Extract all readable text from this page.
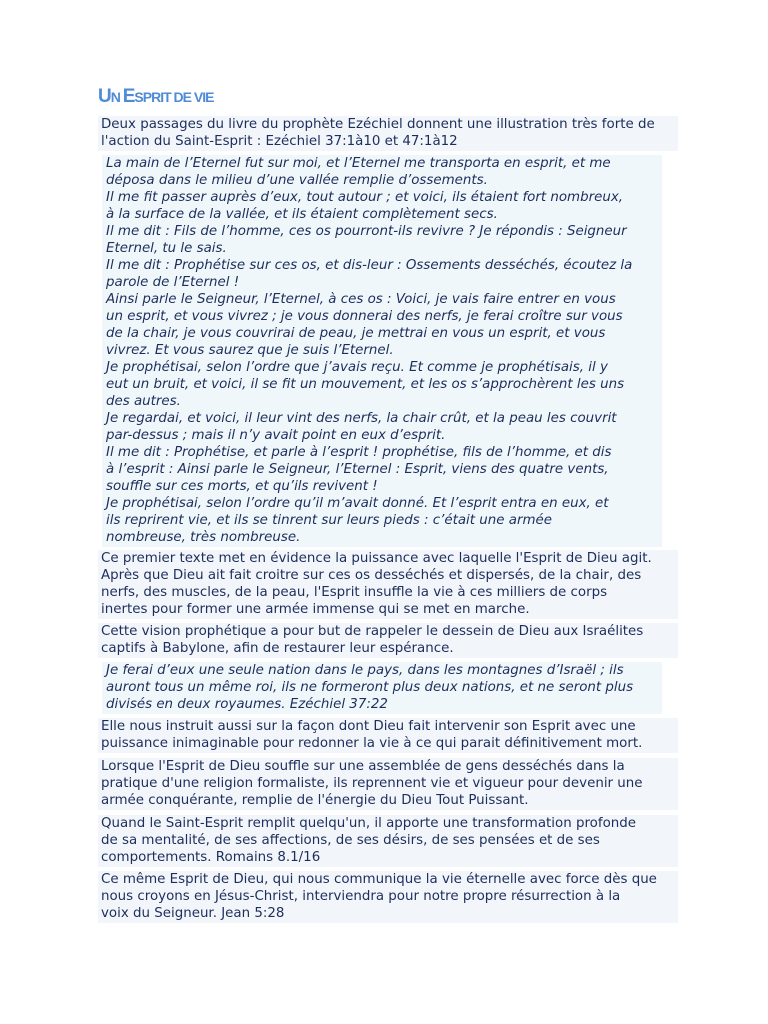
UN ESPRIT DE VIE
Deux passages du livre du prophète Ezéchiel donnent une illustration très forte de
l'action du Saint-Esprit : Ezéchiel 37:1à10 et 47:1à12
La main de l’Eternel fut sur moi, et l’Eternel me transporta en esprit, et me
déposa dans le milieu d’une vallée remplie d’ossements.
Il me fit passer auprès d’eux, tout autour ; et voici, ils étaient fort nombreux,
à la surface de la vallée, et ils étaient complètement secs.
Il me dit : Fils de l’homme, ces os pourront-ils revivre ? Je répondis : Seigneur
Eternel, tu le sais.
Il me dit : Prophétise sur ces os, et dis-leur : Ossements desséchés, écoutez la
parole de l’Eternel !
Ainsi parle le Seigneur, l’Eternel, à ces os : Voici, je vais faire entrer en vous
un esprit, et vous vivrez ; je vous donnerai des nerfs, je ferai croître sur vous
de la chair, je vous couvrirai de peau, je mettrai en vous un esprit, et vous
vivrez. Et vous saurez que je suis l’Eternel.
Je prophétisai, selon l’ordre que j’avais reçu. Et comme je prophétisais, il y
eut un bruit, et voici, il se fit un mouvement, et les os s’approchèrent les uns
des autres.
Je regardai, et voici, il leur vint des nerfs, la chair crût, et la peau les couvrit
par-dessus ; mais il n’y avait point en eux d’esprit.
Il me dit : Prophétise, et parle à l’esprit ! prophétise, fils de l’homme, et dis
à l’esprit : Ainsi parle le Seigneur, l’Eternel : Esprit, viens des quatre vents,
souffle sur ces morts, et qu’ils revivent !
Je prophétisai, selon l’ordre qu’il m’avait donné. Et l’esprit entra en eux, et
ils reprirent vie, et ils se tinrent sur leurs pieds : c’était une armée
nombreuse, très nombreuse.
Ce premier texte met en évidence la puissance avec laquelle l'Esprit de Dieu agit.
Après que Dieu ait fait croitre sur ces os desséchés et dispersés, de la chair, des
nerfs, des muscles, de la peau, l'Esprit insuffle la vie à ces milliers de corps
inertes pour former une armée immense qui se met en marche.
Cette vision prophétique a pour but de rappeler le dessein de Dieu aux Israélites
captifs à Babylone, afin de restaurer leur espérance.
Je ferai d’eux une seule nation dans le pays, dans les montagnes d’Israël ; ils
auront tous un même roi, ils ne formeront plus deux nations, et ne seront plus
divisés en deux royaumes. Ezéchiel 37:22
Elle nous instruit aussi sur la façon dont Dieu fait intervenir son Esprit avec une
puissance inimaginable pour redonner la vie à ce qui parait définitivement mort.
Lorsque l'Esprit de Dieu souffle sur une assemblée de gens desséchés dans la
pratique d'une religion formaliste, ils reprennent vie et vigueur pour devenir une
armée conquérante, remplie de l'énergie du Dieu Tout Puissant.
Quand le Saint-Esprit remplit quelqu'un, il apporte une transformation profonde
de sa mentalité, de ses affections, de ses désirs, de ses pensées et de ses
comportements. Romains 8.1/16
Ce même Esprit de Dieu, qui nous communique la vie éternelle avec force dès que
nous croyons en Jésus-Christ, interviendra pour notre propre résurrection à la
voix du Seigneur. Jean 5:28
